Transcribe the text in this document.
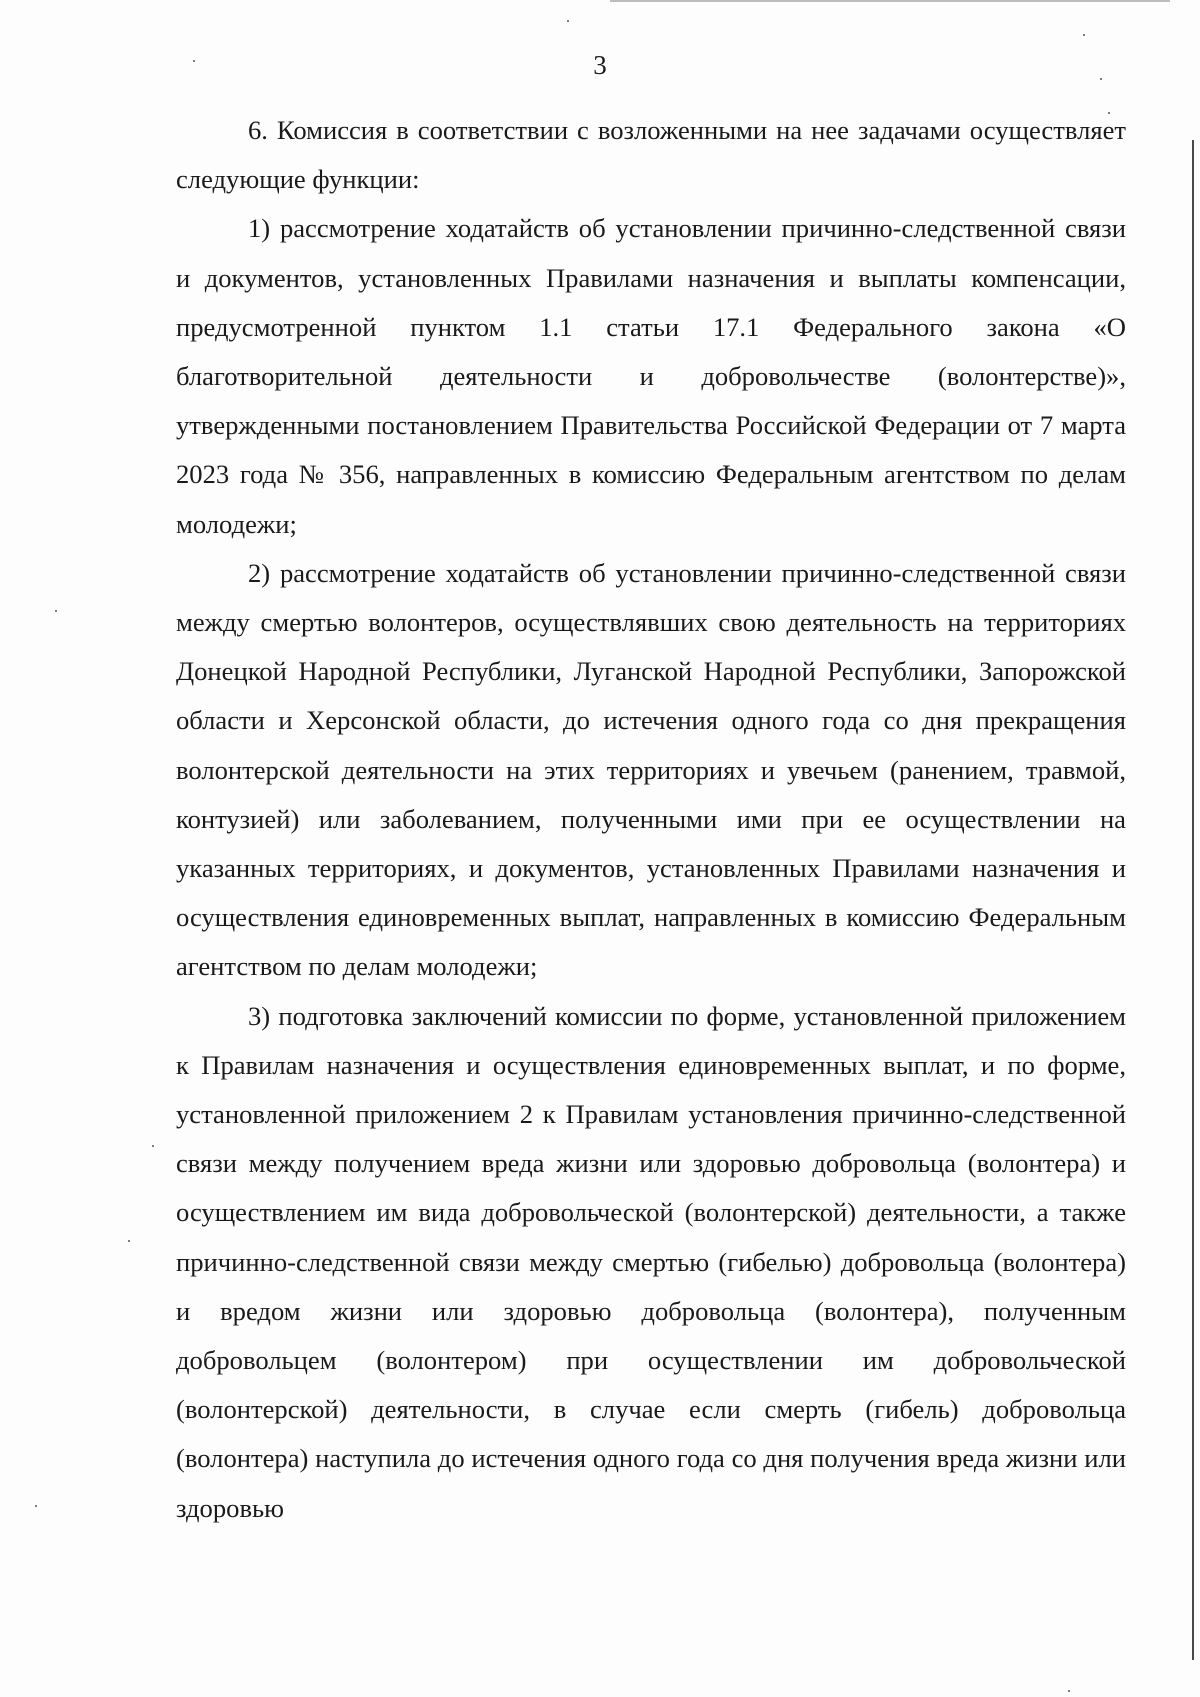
3

6. Комиссия в соответствии с возложенными на нее задачами осуществляет следующие функции:

1) рассмотрение ходатайств об установлении причинно-следственной связи и документов, установленных Правилами назначения и выплаты компенсации, предусмотренной пунктом 1.1 статьи 17.1 Федерального закона «О благотворительной деятельности и добровольчестве (волонтерстве)», утвержденными постановлением Правительства Российской Федерации от 7 марта 2023 года № 356, направленных в комиссию Федеральным агентством по делам молодежи;

2) рассмотрение ходатайств об установлении причинно-следственной связи между смертью волонтеров, осуществлявших свою деятельность на территориях Донецкой Народной Республики, Луганской Народной Республики, Запорожской области и Херсонской области, до истечения одного года со дня прекращения волонтерской деятельности на этих территориях и увечьем (ранением, травмой, контузией) или заболеванием, полученными ими при ее осуществлении на указанных территориях, и документов, установленных Правилами назначения и осуществления единовременных выплат, направленных в комиссию Федеральным агентством по делам молодежи;

3) подготовка заключений комиссии по форме, установленной приложением к Правилам назначения и осуществления единовременных выплат, и по форме, установленной приложением 2 к Правилам установления причинно-следственной связи между получением вреда жизни или здоровью добровольца (волонтера) и осуществлением им вида добровольческой (волонтерской) деятельности, а также причинно-следственной связи между смертью (гибелью) добровольца (волонтера) и вредом жизни или здоровью добровольца (волонтера), полученным добровольцем (волонтером) при осуществлении им добровольческой (волонтерской) деятельности, в случае если смерть (гибель) добровольца (волонтера) наступила до истечения одного года со дня получения вреда жизни или здоровью
